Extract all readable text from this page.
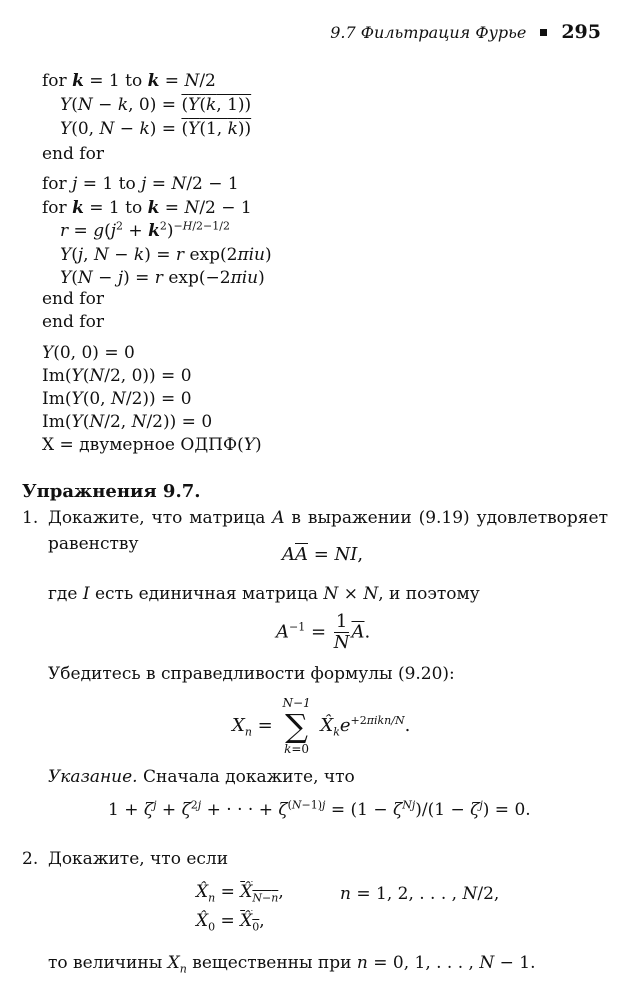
9.7 Фильтрация Фурье 295
for k = 1 to k = N/2
Y(N − k, 0) = (Y(k, 1))
Y(0, N − k) = (Y(1, k))
end for
for j = 1 to j = N/2 − 1
for k = 1 to k = N/2 − 1
$r = g(j^2 + k^2)^{-H/2-1/2}$
Y(j, N − k) = r exp(2πiu)
Y(N − j) = r exp(−2πiu)
end for
end for
Y(0, 0) = 0
Im(Y(N/2, 0)) = 0
Im(Y(0, N/2)) = 0
Im(Y(N/2, N/2)) = 0
X = двумерное ОДПФ(Y)
Упражнения 9.7.
1. Докажите, что матрица A в выражении (9.19) удовлетворяет равенству	$A\overline{A}$ = NI,
где I есть единичная матрица N × N, и поэтому
$A^{-1} = \frac{1}{N} \overline{A}$.
Убедитесь в справедливости формулы (9.20):
$X_n$ =
N−1
∑
k=0
$X̂_ke^{+2\pi ikn/N}$.
Указание. Сначала докажите, что
$1 + \zeta^j + \zeta^{2j}$ + · · · + $\zeta^{(N-1)j} = (1 - \zeta^{Nj})/(1 - \zeta^j) = 0$.
2. Докажите, что если
$X̂_n$ = $X̂_{N-n}$,	n = 1, 2, . . . , N/2,
$X̂_0$ = $X̂_0$,
то величины $X_n$ вещественны при n = 0, 1, . . . , N − 1.
